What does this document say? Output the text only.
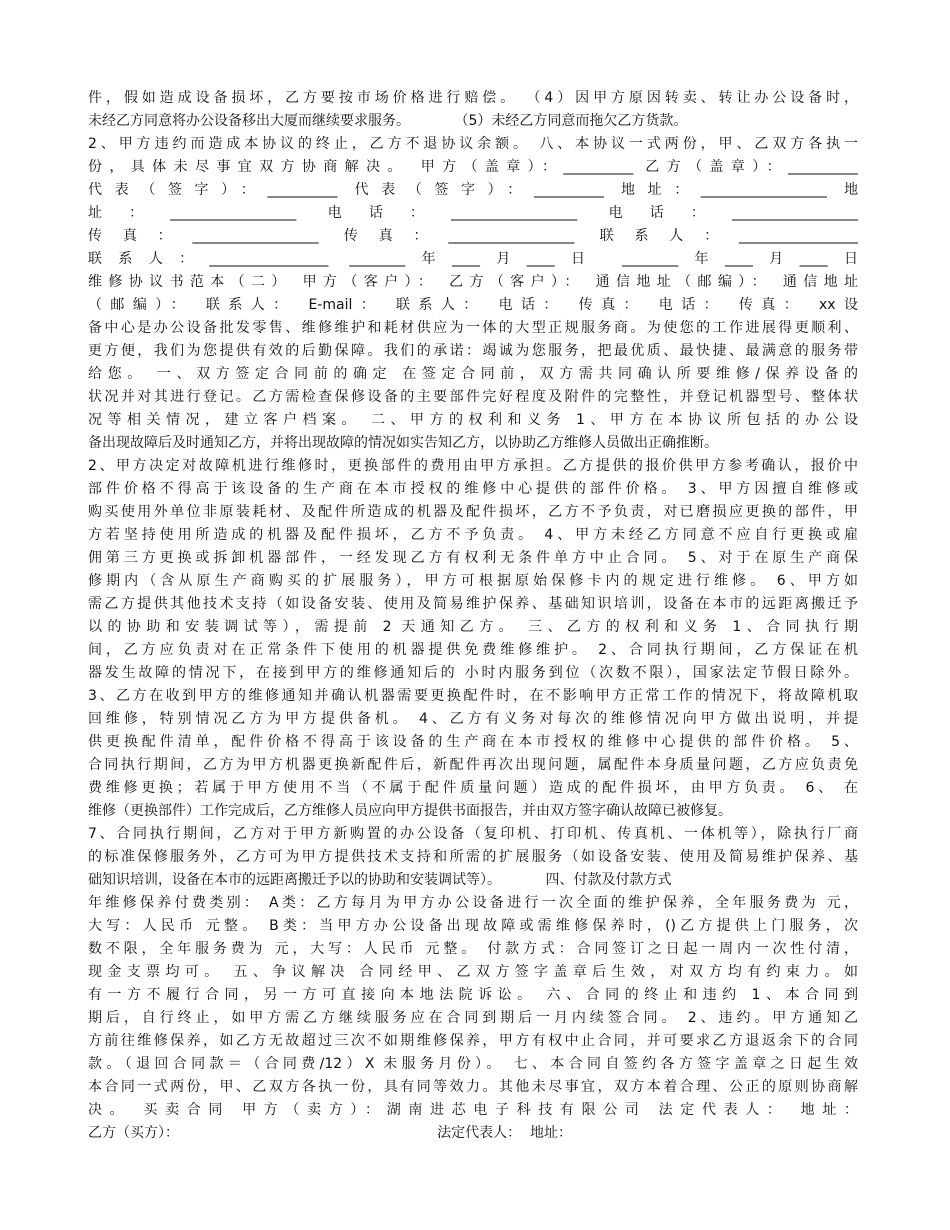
件，假如造成设备损坏，乙方要按市场价格进行赔偿。 （4）因甲方原因转卖、转让办公设备时，
未经乙方同意将办公设备移出大厦而继续要求服务。          （5）未经乙方同意而拖欠乙方货款。
2、甲方违约而造成本协议的终止，乙方不退协议余额。 八、本协议一式两份，甲、乙双方各执一
份，具体未尽事宜双方协商解决。 甲方（盖章）：__________ 乙方（盖章）：__________
代表（签字）：__________ 代表（签字）：__________ 地址：__________________ 地
址：__________________ 电话：__________________ 电话：__________________
传真：__________________ 传真：__________________ 联系人：_________________
联系人：_________________ ________年____月____日 ________年____月____日
维修协议书范本（二） 甲方（客户）： 乙方（客户）： 通信地址（邮编）： 通信地址
（邮编）： 联系人： E-mail： 联系人： 电话： 传真： 电话： 传真： xx设
备中心是办公设备批发零售、维修维护和耗材供应为一体的大型正规服务商。为使您的工作进展得更顺利、
更方便，我们为您提供有效的后勤保障。我们的承诺：竭诚为您服务，把最优质、最快捷、最满意的服务带
给您。 一、双方签定合同前的确定 在签定合同前，双方需共同确认所要维修/保养设备的
状况并对其进行登记。乙方需检查保修设备的主要部件完好程度及附件的完整性，并登记机器型号、整体状
况等相关情况，建立客户档案。 二、甲方的权利和义务 1、甲方在本协议所包括的办公设
备出现故障后及时通知乙方，并将出现故障的情况如实告知乙方，以协助乙方维修人员做出正确推断。
2、甲方决定对故障机进行维修时，更换部件的费用由甲方承担。乙方提供的报价供甲方参考确认，报价中
部件价格不得高于该设备的生产商在本市授权的维修中心提供的部件价格。 3、甲方因擅自维修或
购买使用外单位非原装耗材、及配件所造成的机器及配件损坏，乙方不予负责，对已磨损应更换的部件，甲
方若坚持使用所造成的机器及配件损坏，乙方不予负责。 4、甲方未经乙方同意不应自行更换或雇
佣第三方更换或拆卸机器部件，一经发现乙方有权利无条件单方中止合同。 5、对于在原生产商保
修期内（含从原生产商购买的扩展服务），甲方可根据原始保修卡内的规定进行维修。 6、甲方如
需乙方提供其他技术支持（如设备安装、使用及简易维护保养、基础知识培训，设备在本市的远距离搬迁予
以的协助和安装调试等），需提前 2 天通知乙方。 三、乙方的权利和义务 1、合同执行期
间，乙方应负责对在正常条件下使用的机器提供免费维修维护。 2、合同执行期间，乙方保证在机
器发生故障的情况下，在接到甲方的维修通知后的 小时内服务到位（次数不限），国家法定节假日除外。
3、乙方在收到甲方的维修通知并确认机器需要更换配件时，在不影响甲方正常工作的情况下，将故障机取
回维修，特别情况乙方为甲方提供备机。 4、乙方有义务对每次的维修情况向甲方做出说明，并提
供更换配件清单，配件价格不得高于该设备的生产商在本市授权的维修中心提供的部件价格。 5、
合同执行期间，乙方为甲方机器更换新配件后，新配件再次出现问题，属配件本身质量问题，乙方应负责免
费维修更换；若属于甲方使用不当（不属于配件质量问题）造成的配件损坏，由甲方负责。 6、 在
维修（更换部件）工作完成后，乙方维修人员应向甲方提供书面报告，并由双方签字确认故障已被修复。
7、合同执行期间，乙方对于甲方新购置的办公设备（复印机、打印机、传真机、一体机等），除执行厂商
的标准保修服务外，乙方可为甲方提供技术支持和所需的扩展服务（如设备安装、使用及简易维护保养、基
础知识培训，设备在本市的远距离搬迁予以的协助和安装调试等）。          四、付款及付款方式
年维修保养付费类别： A类：乙方每月为甲方办公设备进行一次全面的维护保养，全年服务费为 元，
大写：人民币 元整。 B类：当甲方办公设备出现故障或需维修保养时，()乙方提供上门服务，次
数不限，全年服务费为 元，大写：人民币 元整。 付款方式：合同签订之日起一周内一次性付清，
现金支票均可。 五、争议解决 合同经甲、乙双方签字盖章后生效，对双方均有约束力。如
有一方不履行合同，另一方可直接向本地法院诉讼。 六、合同的终止和违约 1、本合同到
期后，自行终止，如甲方需乙方继续服务应在合同到期后一月内续签合同。 2、违约。甲方通知乙
方前往维修保养，如乙方无故超过三次不如期维修保养，甲方有权中止合同，并可要求乙方退返余下的合同
款。（退回合同款＝（合同费/12）X 未服务月份）。 七、本合同自签约各方签字盖章之日起生效
本合同一式两份，甲、乙双方各执一份，具有同等效力。其他未尽事宜，双方本着合理、公正的原则协商解
决。 买卖合同 甲方（卖方）：湖南进芯电子科技有限公司 法定代表人： 地址：
乙方（买方）：                                                          法定代表人：  地址：
